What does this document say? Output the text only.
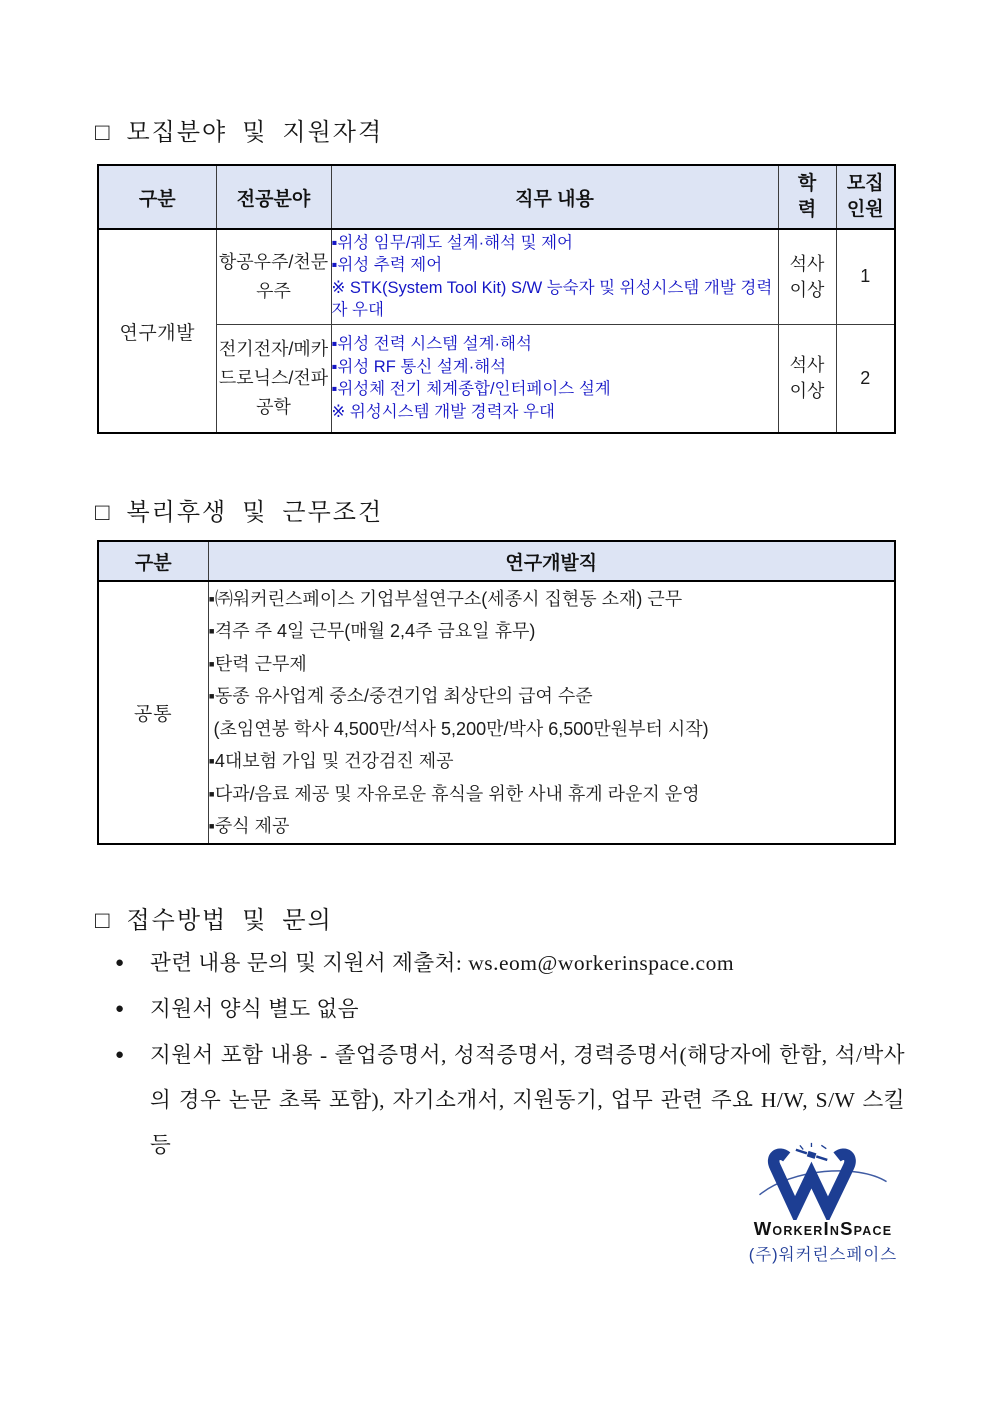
□ 모집분야 및 지원자격
구분	전공분야	직무 내용	학력	모집인원
연구개발	항공우주/천문우주	▪위성 임무/궤도 설계·해석 및 제어
▪위성 추력 제어
※ STK(System Tool Kit) S/W 능숙자 및 위성시스템 개발 경력자 우대	석사 이상	1
	전기전자/메카드로닉스/전파공학	▪위성 전력 시스템 설계·해석
▪위성 RF 통신 설계·해석
▪위성체 전기 체계종합/인터페이스 설계
※ 위성시스템 개발 경력자 우대	석사 이상	2
□ 복리후생 및 근무조건
구분	연구개발직
공통	
▪㈜워커린스페이스 기업부설연구소(세종시 집현동 소재) 근무
▪격주 주 4일 근무(매월 2,4주 금요일 휴무)
▪탄력 근무제
▪동종 유사업계 중소/중견기업 최상단의 급여 수준
(초임연봉 학사 4,500만/석사 5,200만/박사 6,500만원부터 시작)
▪4대보험 가입 및 건강검진 제공
▪다과/음료 제공 및 자유로운 휴식을 위한 사내 휴게 라운지 운영
▪중식 제공
□ 접수방법 및 문의
● 관련 내용 문의 및 지원서 제출처: ws.eom@workerinspace.com
● 지원서 양식 별도 없음
● 지원서 포함 내용 - 졸업증명서, 성적증명서, 경력증명서(해당자에 한함, 석/박사의 경우 논문 초록 포함), 자기소개서, 지원동기, 업무 관련 주요 H/W, S/W 스킬 등
WORKERINSPACE
(주)워커린스페이스
